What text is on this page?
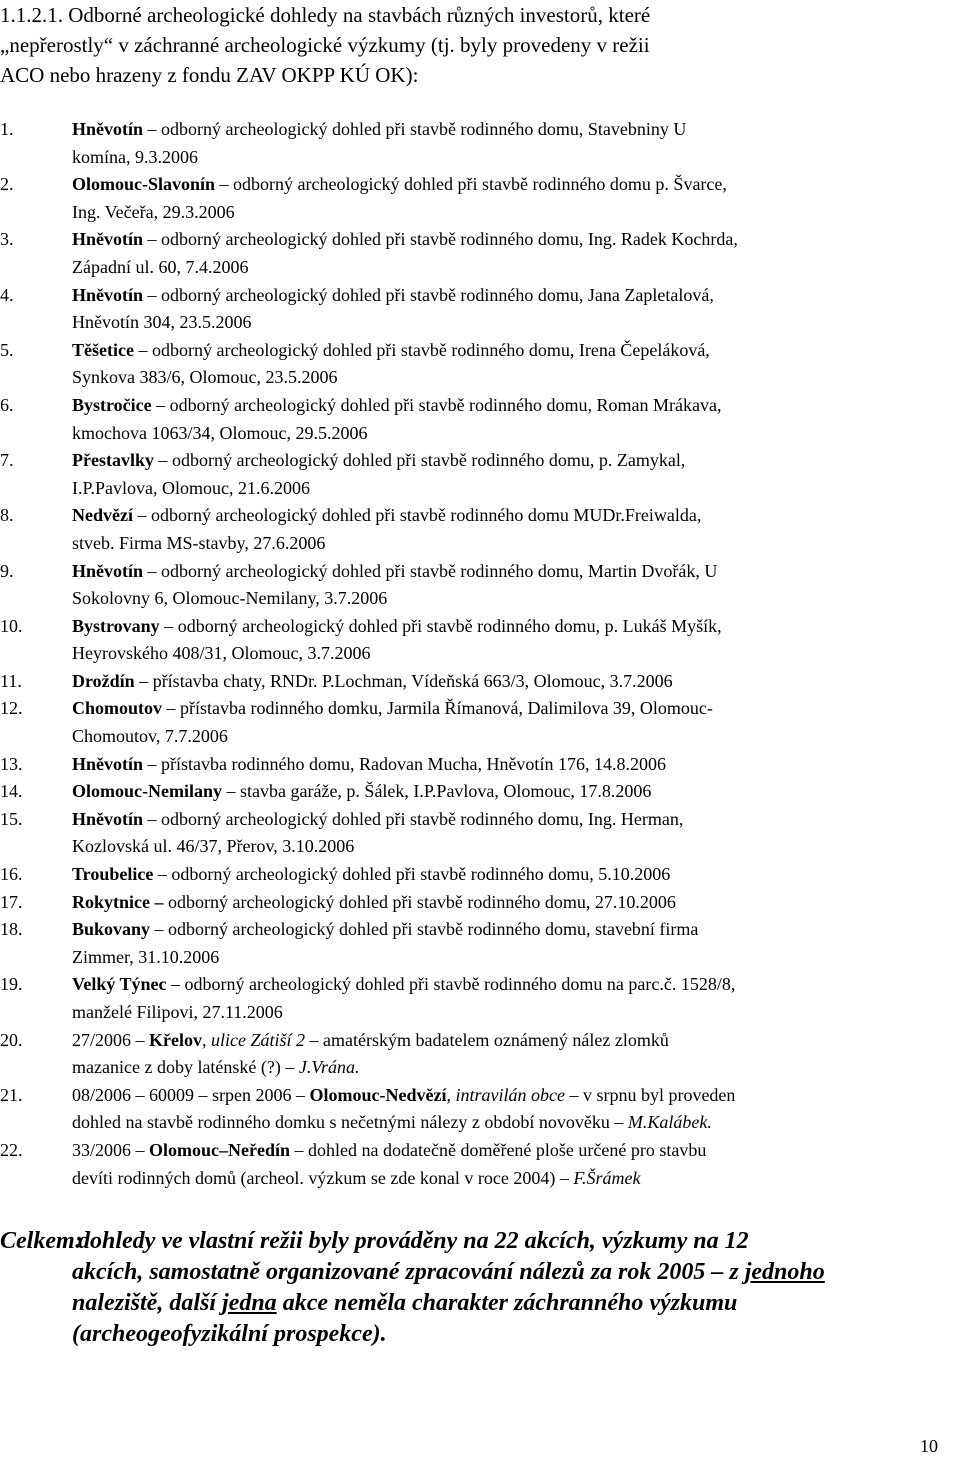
1.1.2.1. Odborné archeologické dohledy na stavbách různých investorů, které
„nepřerostly“ v záchranné archeologické výzkumy (tj. byly provedeny v režii
ACO nebo hrazeny z fondu ZAV OKPP KÚ OK):
1.	Hněvotín – odborný archeologický dohled při stavbě rodinného domu, Stavebniny U
komína, 9.3.2006
2.	Olomouc-Slavonín – odborný archeologický dohled při stavbě rodinného domu p. Švarce,
Ing. Večeřa, 29.3.2006
3.	Hněvotín – odborný archeologický dohled při stavbě rodinného domu, Ing. Radek Kochrda,
Západní ul. 60, 7.4.2006
4.	Hněvotín – odborný archeologický dohled při stavbě rodinného domu, Jana Zapletalová,
Hněvotín 304, 23.5.2006
5.	Těšetice – odborný archeologický dohled při stavbě rodinného domu, Irena Čepeláková,
Synkova 383/6, Olomouc, 23.5.2006
6.	Bystročice – odborný archeologický dohled při stavbě rodinného domu, Roman Mrákava,
kmochova 1063/34, Olomouc, 29.5.2006
7.	Přestavlky – odborný archeologický dohled při stavbě rodinného domu, p. Zamykal,
I.P.Pavlova, Olomouc, 21.6.2006
8.	Nedvězí – odborný archeologický dohled při stavbě rodinného domu MUDr.Freiwalda,
stveb. Firma MS-stavby, 27.6.2006
9.	Hněvotín – odborný archeologický dohled při stavbě rodinného domu, Martin Dvořák, U
Sokolovny 6, Olomouc-Nemilany, 3.7.2006
10.	Bystrovany – odborný archeologický dohled při stavbě rodinného domu, p. Lukáš Myšík,
Heyrovského 408/31, Olomouc, 3.7.2006
11.	Droždín – přístavba chaty, RNDr. P.Lochman, Vídeňská 663/3, Olomouc, 3.7.2006
12.	Chomoutov – přístavba rodinného domku, Jarmila Římanová, Dalimilova 39, Olomouc-
Chomoutov, 7.7.2006
13.	Hněvotín – přístavba rodinného domu, Radovan Mucha, Hněvotín 176, 14.8.2006
14.	Olomouc-Nemilany – stavba garáže, p. Šálek, I.P.Pavlova, Olomouc, 17.8.2006
15.	Hněvotín – odborný archeologický dohled při stavbě rodinného domu, Ing. Herman,
Kozlovská ul. 46/37, Přerov, 3.10.2006
16.	Troubelice – odborný archeologický dohled při stavbě rodinného domu, 5.10.2006
17.	Rokytnice – odborný archeologický dohled při stavbě rodinného domu, 27.10.2006
18.	Bukovany – odborný archeologický dohled při stavbě rodinného domu, stavební firma
Zimmer, 31.10.2006
19.	Velký Týnec – odborný archeologický dohled při stavbě rodinného domu na parc.č. 1528/8,
manželé Filipovi, 27.11.2006
20.	27/2006 – Křelov, ulice Zátiší 2 – amatérským badatelem oznámený nález zlomků
mazanice z doby laténské (?) – J.Vrána.
21.	08/2006 – 60009 – srpen 2006 – Olomouc-Nedvězí, intravilán obce – v srpnu byl proveden
dohled na stavbě rodinného domku s nečetnými nálezy z období novověku – M.Kalábek.
22.	33/2006 – Olomouc–Neředín – dohled na dodatečně doměřené ploše určené pro stavbu
devíti rodinných domů (archeol. výzkum se zde konal v roce 2004) – F.Šrámek
Celkem: dohledy ve vlastní režii byly prováděny na 22 akcích, výzkumy na 12
akcích, samostatně organizované zpracování nálezů za rok 2005 – z jednoho
naleziště, další jedna akce neměla charakter záchranného výzkumu
(archeogeofyzikální prospekce).
10
